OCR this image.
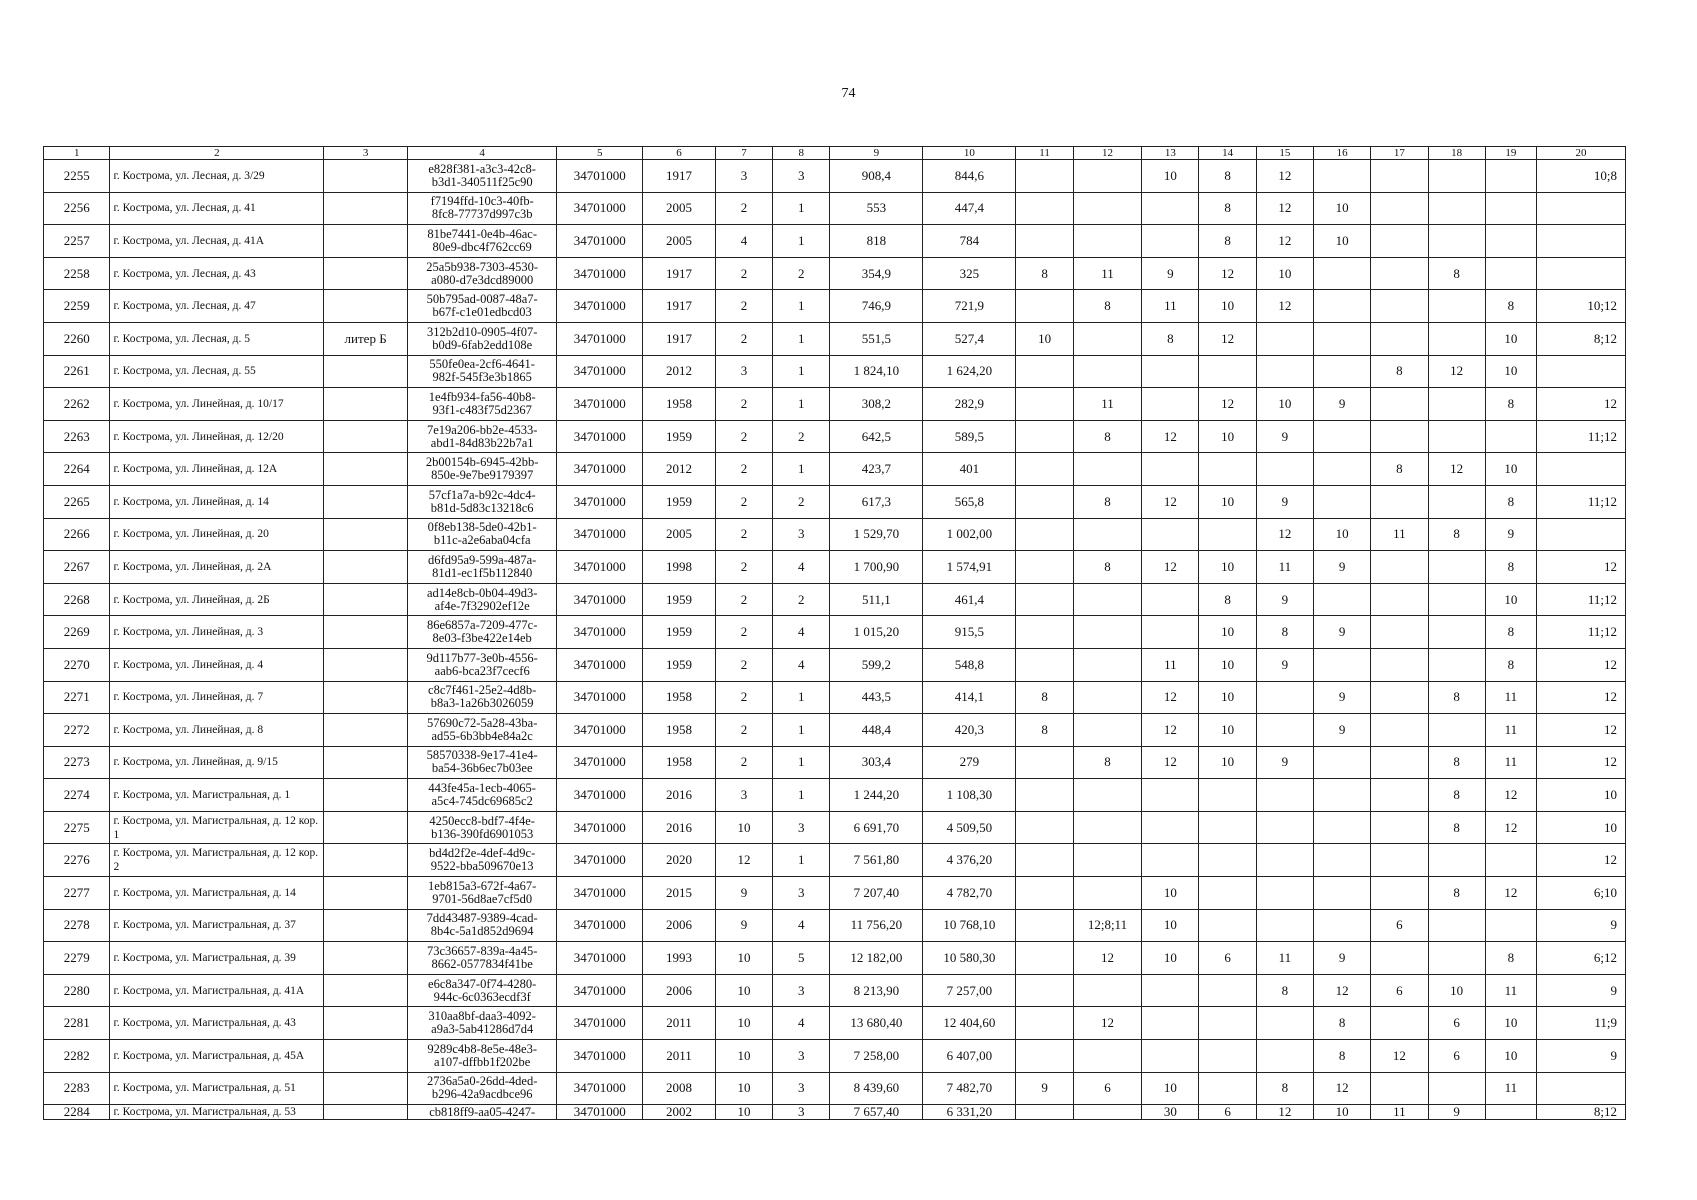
74
1	2	3	4	5	6	7	8	9	10	11	12	13	14	15	16	17	18	19	20
2255	г. Кострома, ул. Лесная, д. 3/29		e828f381-a3c3-42c8-
b3d1-340511f25c90	34701000	1917	3	3	908,4	844,6			10	8	12					10;8
2256	г. Кострома, ул. Лесная, д. 41		f7194ffd-10c3-40fb-
8fc8-77737d997c3b	34701000	2005	2	1	553	447,4				8	12	10				
2257	г. Кострома, ул. Лесная, д. 41А		81be7441-0e4b-46ac-
80e9-dbc4f762cc69	34701000	2005	4	1	818	784				8	12	10				
2258	г. Кострома, ул. Лесная, д. 43		25a5b938-7303-4530-
a080-d7e3dcd89000	34701000	1917	2	2	354,9	325	8	11	9	12	10			8		
2259	г. Кострома, ул. Лесная, д. 47		50b795ad-0087-48a7-
b67f-c1e01edbcd03	34701000	1917	2	1	746,9	721,9		8	11	10	12				8	10;12
2260	г. Кострома, ул. Лесная, д. 5	литер Б	312b2d10-0905-4f07-
b0d9-6fab2edd108e	34701000	1917	2	1	551,5	527,4	10		8	12					10	8;12
2261	г. Кострома, ул. Лесная, д. 55		550fe0ea-2cf6-4641-
982f-545f3e3b1865	34701000	2012	3	1	1 824,10	1 624,20							8	12	10	
2262	г. Кострома, ул. Линейная, д. 10/17		1e4fb934-fa56-40b8-
93f1-c483f75d2367	34701000	1958	2	1	308,2	282,9		11		12	10	9			8	12
2263	г. Кострома, ул. Линейная, д. 12/20		7e19a206-bb2e-4533-
abd1-84d83b22b7a1	34701000	1959	2	2	642,5	589,5		8	12	10	9					11;12
2264	г. Кострома, ул. Линейная, д. 12А		2b00154b-6945-42bb-
850e-9e7be9179397	34701000	2012	2	1	423,7	401							8	12	10	
2265	г. Кострома, ул. Линейная, д. 14		57cf1a7a-b92c-4dc4-
b81d-5d83c13218c6	34701000	1959	2	2	617,3	565,8		8	12	10	9				8	11;12
2266	г. Кострома, ул. Линейная, д. 20		0f8eb138-5de0-42b1-
b11c-a2e6aba04cfa	34701000	2005	2	3	1 529,70	1 002,00					12	10	11	8	9	
2267	г. Кострома, ул. Линейная, д. 2А		d6fd95a9-599a-487a-
81d1-ec1f5b112840	34701000	1998	2	4	1 700,90	1 574,91		8	12	10	11	9			8	12
2268	г. Кострома, ул. Линейная, д. 2Б		ad14e8cb-0b04-49d3-
af4e-7f32902ef12e	34701000	1959	2	2	511,1	461,4				8	9				10	11;12
2269	г. Кострома, ул. Линейная, д. 3		86e6857a-7209-477c-
8e03-f3be422e14eb	34701000	1959	2	4	1 015,20	915,5				10	8	9			8	11;12
2270	г. Кострома, ул. Линейная, д. 4		9d117b77-3e0b-4556-
aab6-bca23f7cecf6	34701000	1959	2	4	599,2	548,8			11	10	9				8	12
2271	г. Кострома, ул. Линейная, д. 7		c8c7f461-25e2-4d8b-
b8a3-1a26b3026059	34701000	1958	2	1	443,5	414,1	8		12	10		9		8	11	12
2272	г. Кострома, ул. Линейная, д. 8		57690c72-5a28-43ba-
ad55-6b3bb4e84a2c	34701000	1958	2	1	448,4	420,3	8		12	10		9			11	12
2273	г. Кострома, ул. Линейная, д. 9/15		58570338-9e17-41e4-
ba54-36b6ec7b03ee	34701000	1958	2	1	303,4	279		8	12	10	9			8	11	12
2274	г. Кострома, ул. Магистральная, д. 1		443fe45a-1ecb-4065-
a5c4-745dc69685c2	34701000	2016	3	1	1 244,20	1 108,30								8	12	10
2275	г. Кострома, ул. Магистральная, д. 12 кор. 1		4250ecc8-bdf7-4f4e-
b136-390fd6901053	34701000	2016	10	3	6 691,70	4 509,50								8	12	10
2276	г. Кострома, ул. Магистральная, д. 12 кор. 2		bd4d2f2e-4def-4d9c-
9522-bba509670e13	34701000	2020	12	1	7 561,80	4 376,20										12
2277	г. Кострома, ул. Магистральная, д. 14		1eb815a3-672f-4a67-
9701-56d8ae7cf5d0	34701000	2015	9	3	7 207,40	4 782,70			10					8	12	6;10
2278	г. Кострома, ул. Магистральная, д. 37		7dd43487-9389-4cad-
8b4c-5a1d852d9694	34701000	2006	9	4	11 756,20	10 768,10		12;8;11	10				6			9
2279	г. Кострома, ул. Магистральная, д. 39		73c36657-839a-4a45-
8662-0577834f41be	34701000	1993	10	5	12 182,00	10 580,30		12	10	6	11	9			8	6;12
2280	г. Кострома, ул. Магистральная, д. 41А		e6c8a347-0f74-4280-
944c-6c0363ecdf3f	34701000	2006	10	3	8 213,90	7 257,00					8	12	6	10	11	9
2281	г. Кострома, ул. Магистральная, д. 43		310aa8bf-daa3-4092-
a9a3-5ab41286d7d4	34701000	2011	10	4	13 680,40	12 404,60		12				8		6	10	11;9
2282	г. Кострома, ул. Магистральная, д. 45А		9289c4b8-8e5e-48e3-
a107-dffbb1f202be	34701000	2011	10	3	7 258,00	6 407,00						8	12	6	10	9
2283	г. Кострома, ул. Магистральная, д. 51		2736a5a0-26dd-4ded-
b296-42a9acdbce96	34701000	2008	10	3	8 439,60	7 482,70	9	6	10		8	12			11	
2284	г. Кострома, ул. Магистральная, д. 53		cb818ff9-aa05-4247-	34701000	2002	10	3	7 657,40	6 331,20			30	6	12	10	11	9		8;12
